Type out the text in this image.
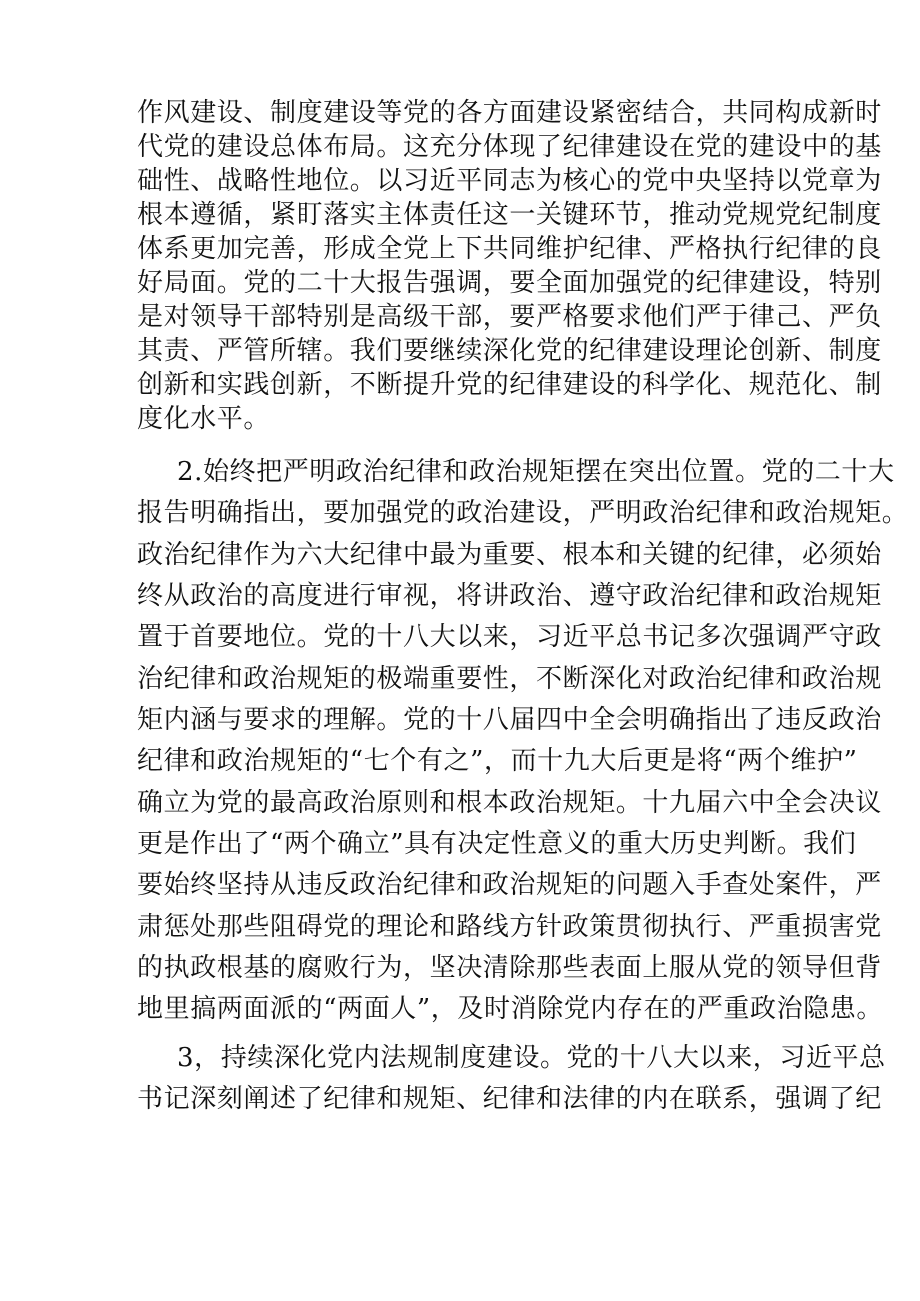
作风建设、制度建设等党的各方面建设紧密结合，共同构成新时
代党的建设总体布局。这充分体现了纪律建设在党的建设中的基
础性、战略性地位。以习近平同志为核心的党中央坚持以党章为
根本遵循，紧盯落实主体责任这一关键环节，推动党规党纪制度
体系更加完善，形成全党上下共同维护纪律、严格执行纪律的良
好局面。党的二十大报告强调，要全面加强党的纪律建设，特别
是对领导干部特别是高级干部，要严格要求他们严于律己、严负
其责、严管所辖。我们要继续深化党的纪律建设理论创新、制度
创新和实践创新，不断提升党的纪律建设的科学化、规范化、制
度化水平。
2.始终把严明政治纪律和政治规矩摆在突出位置。党的二十大
报告明确指出，要加强党的政治建设，严明政治纪律和政治规矩。
政治纪律作为六大纪律中最为重要、根本和关键的纪律，必须始
终从政治的高度进行审视，将讲政治、遵守政治纪律和政治规矩
置于首要地位。党的十八大以来，习近平总书记多次强调严守政
治纪律和政治规矩的极端重要性，不断深化对政治纪律和政治规
矩内涵与要求的理解。党的十八届四中全会明确指出了违反政治
纪律和政治规矩的“七个有之”，而十九大后更是将“两个维护”
确立为党的最高政治原则和根本政治规矩。十九届六中全会决议
更是作出了“两个确立”具有决定性意义的重大历史判断。我们
要始终坚持从违反政治纪律和政治规矩的问题入手查处案件，严
肃惩处那些阻碍党的理论和路线方针政策贯彻执行、严重损害党
的执政根基的腐败行为，坚决清除那些表面上服从党的领导但背
地里搞两面派的“两面人”，及时消除党内存在的严重政治隐患。
3，持续深化党内法规制度建设。党的十八大以来，习近平总
书记深刻阐述了纪律和规矩、纪律和法律的内在联系，强调了纪
